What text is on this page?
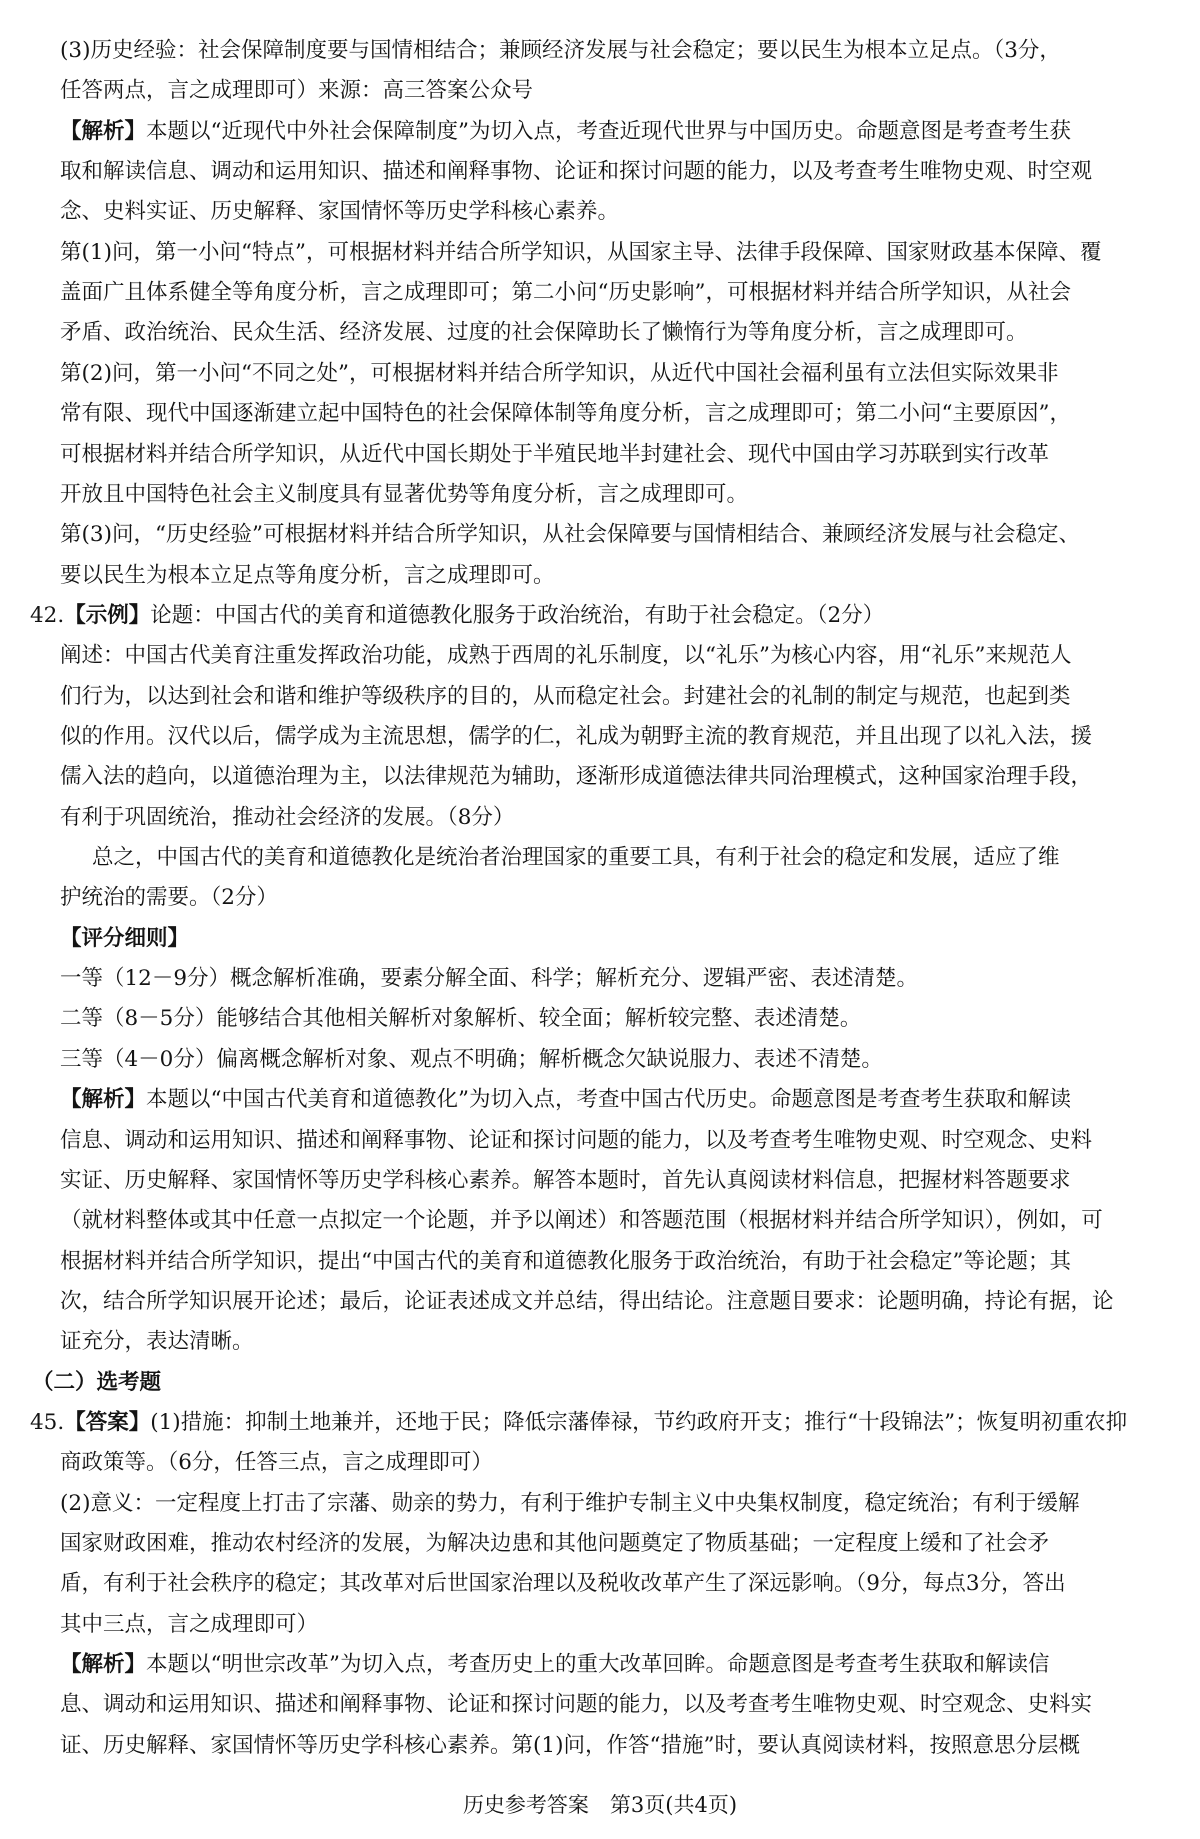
(3)历史经验：社会保障制度要与国情相结合；兼顾经济发展与社会稳定；要以民生为根本立足点。（3分，
任答两点，言之成理即可）来源：高三答案公众号
【解析】本题以“近现代中外社会保障制度”为切入点，考查近现代世界与中国历史。命题意图是考查考生获
取和解读信息、调动和运用知识、描述和阐释事物、论证和探讨问题的能力，以及考查考生唯物史观、时空观
念、史料实证、历史解释、家国情怀等历史学科核心素养。
第(1)问，第一小问“特点”，可根据材料并结合所学知识，从国家主导、法律手段保障、国家财政基本保障、覆
盖面广且体系健全等角度分析，言之成理即可；第二小问“历史影响”，可根据材料并结合所学知识，从社会
矛盾、政治统治、民众生活、经济发展、过度的社会保障助长了懒惰行为等角度分析，言之成理即可。
第(2)问，第一小问“不同之处”，可根据材料并结合所学知识，从近代中国社会福利虽有立法但实际效果非
常有限、现代中国逐渐建立起中国特色的社会保障体制等角度分析，言之成理即可；第二小问“主要原因”，
可根据材料并结合所学知识，从近代中国长期处于半殖民地半封建社会、现代中国由学习苏联到实行改革
开放且中国特色社会主义制度具有显著优势等角度分析，言之成理即可。
第(3)问，“历史经验”可根据材料并结合所学知识，从社会保障要与国情相结合、兼顾经济发展与社会稳定、
要以民生为根本立足点等角度分析，言之成理即可。
42.【示例】论题：中国古代的美育和道德教化服务于政治统治，有助于社会稳定。（2分）
阐述：中国古代美育注重发挥政治功能，成熟于西周的礼乐制度，以“礼乐”为核心内容，用“礼乐”来规范人
们行为，以达到社会和谐和维护等级秩序的目的，从而稳定社会。封建社会的礼制的制定与规范，也起到类
似的作用。汉代以后，儒学成为主流思想，儒学的仁，礼成为朝野主流的教育规范，并且出现了以礼入法，援
儒入法的趋向，以道德治理为主，以法律规范为辅助，逐渐形成道德法律共同治理模式，这种国家治理手段，
有利于巩固统治，推动社会经济的发展。（8分）
总之，中国古代的美育和道德教化是统治者治理国家的重要工具，有利于社会的稳定和发展，适应了维
护统治的需要。（2分）
【评分细则】
一等（12－9分）概念解析准确，要素分解全面、科学；解析充分、逻辑严密、表述清楚。
二等（8－5分）能够结合其他相关解析对象解析、较全面；解析较完整、表述清楚。
三等（4－0分）偏离概念解析对象、观点不明确；解析概念欠缺说服力、表述不清楚。
【解析】本题以“中国古代美育和道德教化”为切入点，考查中国古代历史。命题意图是考查考生获取和解读
信息、调动和运用知识、描述和阐释事物、论证和探讨问题的能力，以及考查考生唯物史观、时空观念、史料
实证、历史解释、家国情怀等历史学科核心素养。解答本题时，首先认真阅读材料信息，把握材料答题要求
（就材料整体或其中任意一点拟定一个论题，并予以阐述）和答题范围（根据材料并结合所学知识），例如，可
根据材料并结合所学知识，提出“中国古代的美育和道德教化服务于政治统治，有助于社会稳定”等论题；其
次，结合所学知识展开论述；最后，论证表述成文并总结，得出结论。注意题目要求：论题明确，持论有据，论
证充分，表达清晰。
（二）选考题
45.【答案】(1)措施：抑制土地兼并，还地于民；降低宗藩俸禄，节约政府开支；推行“十段锦法”；恢复明初重农抑
商政策等。（6分，任答三点，言之成理即可）
(2)意义：一定程度上打击了宗藩、勋亲的势力，有利于维护专制主义中央集权制度，稳定统治；有利于缓解
国家财政困难，推动农村经济的发展，为解决边患和其他问题奠定了物质基础；一定程度上缓和了社会矛
盾，有利于社会秩序的稳定；其改革对后世国家治理以及税收改革产生了深远影响。（9分，每点3分，答出
其中三点，言之成理即可）
【解析】本题以“明世宗改革”为切入点，考查历史上的重大改革回眸。命题意图是考查考生获取和解读信
息、调动和运用知识、描述和阐释事物、论证和探讨问题的能力，以及考查考生唯物史观、时空观念、史料实
证、历史解释、家国情怀等历史学科核心素养。第(1)问，作答“措施”时，要认真阅读材料，按照意思分层概
历史参考答案　第3页(共4页)
